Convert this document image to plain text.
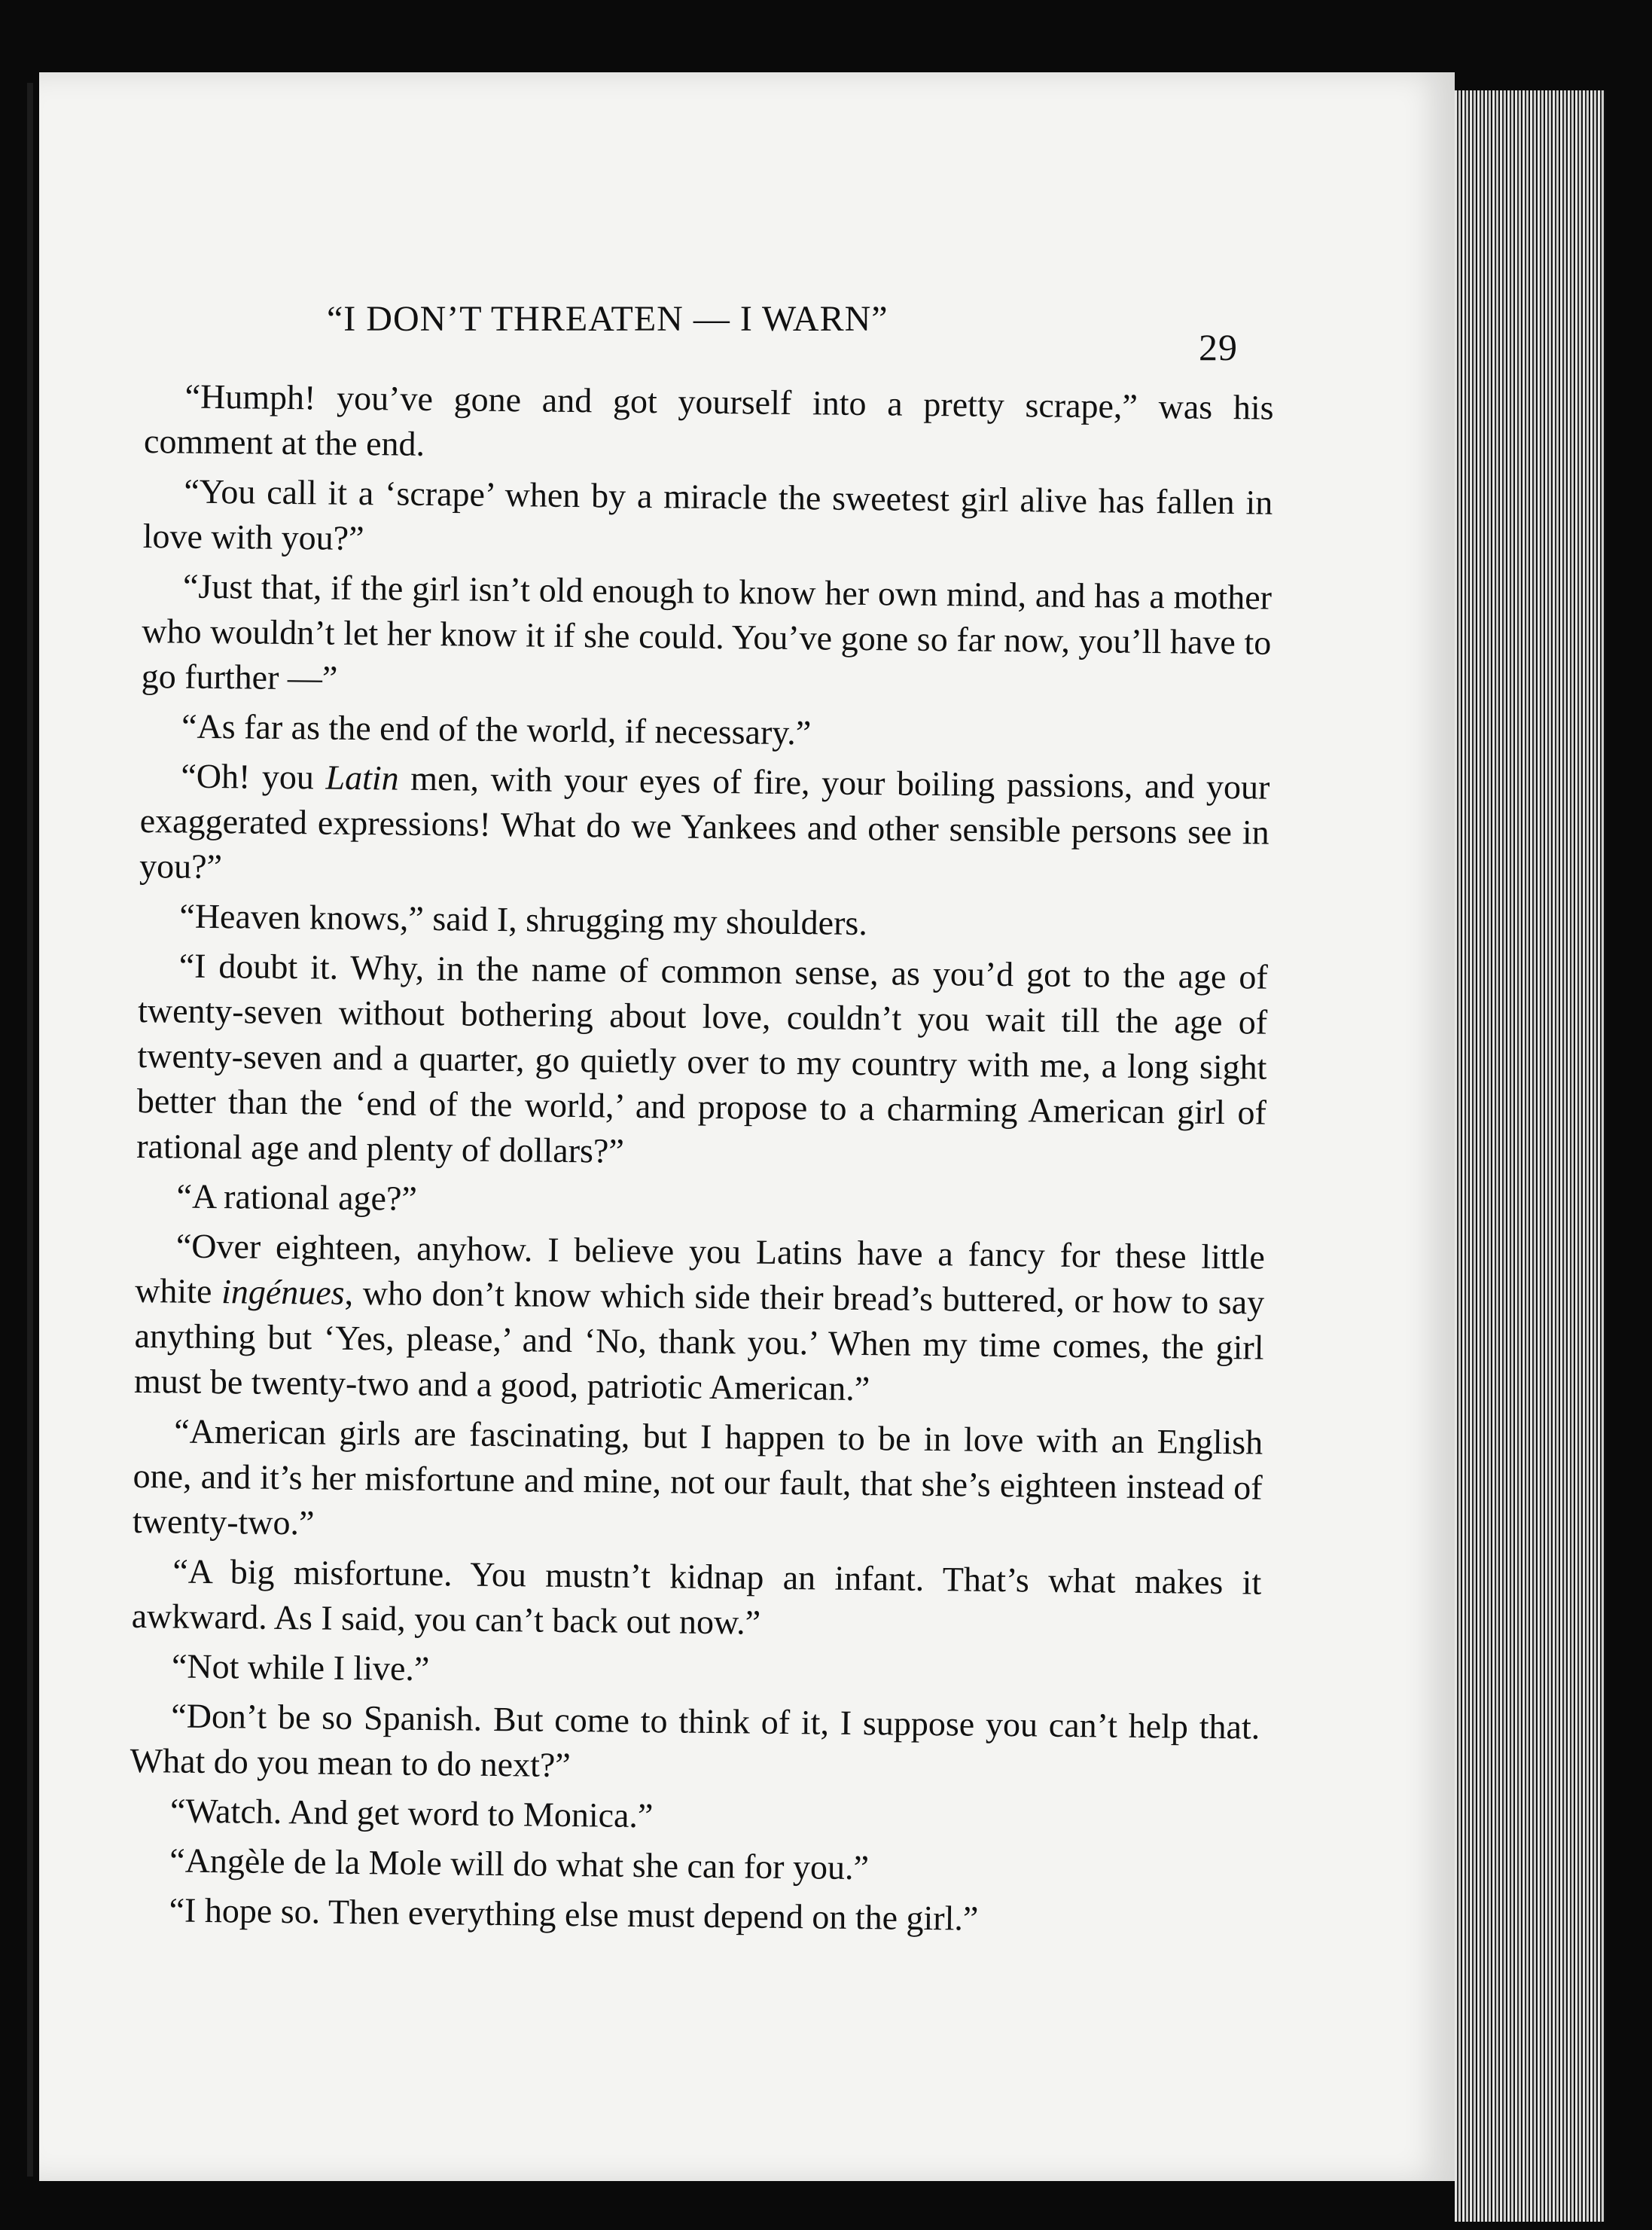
“I DON’T THREATEN — I WARN”
29

“Humph! you’ve gone and got yourself into a pretty scrape,” was his comment at the end.

“You call it a ‘scrape’ when by a miracle the sweetest girl alive has fallen in love with you?”

“Just that, if the girl isn’t old enough to know her own mind, and has a mother who wouldn’t let her know it if she could. You’ve gone so far now, you’ll have to go further —”

“As far as the end of the world, if necessary.”

“Oh! you Latin men, with your eyes of fire, your boiling passions, and your exaggerated expressions! What do we Yankees and other sensible persons see in you?”

“Heaven knows,” said I, shrugging my shoulders.

“I doubt it. Why, in the name of common sense, as you’d got to the age of twenty-seven without bothering about love, couldn’t you wait till the age of twenty-seven and a quarter, go quietly over to my country with me, a long sight better than the ‘end of the world,’ and propose to a charming American girl of rational age and plenty of dollars?”

“A rational age?”

“Over eighteen, anyhow. I believe you Latins have a fancy for these little white ingénues, who don’t know which side their bread’s buttered, or how to say anything but ‘Yes, please,’ and ‘No, thank you.’ When my time comes, the girl must be twenty-two and a good, patriotic American.”

“American girls are fascinating, but I happen to be in love with an English one, and it’s her misfortune and mine, not our fault, that she’s eighteen instead of twenty-two.”

“A big misfortune. You mustn’t kidnap an infant. That’s what makes it awkward. As I said, you can’t back out now.”

“Not while I live.”

“Don’t be so Spanish. But come to think of it, I suppose you can’t help that. What do you mean to do next?”

“Watch. And get word to Monica.”

“Angèle de la Mole will do what she can for you.”

“I hope so. Then everything else must depend on the girl.”
